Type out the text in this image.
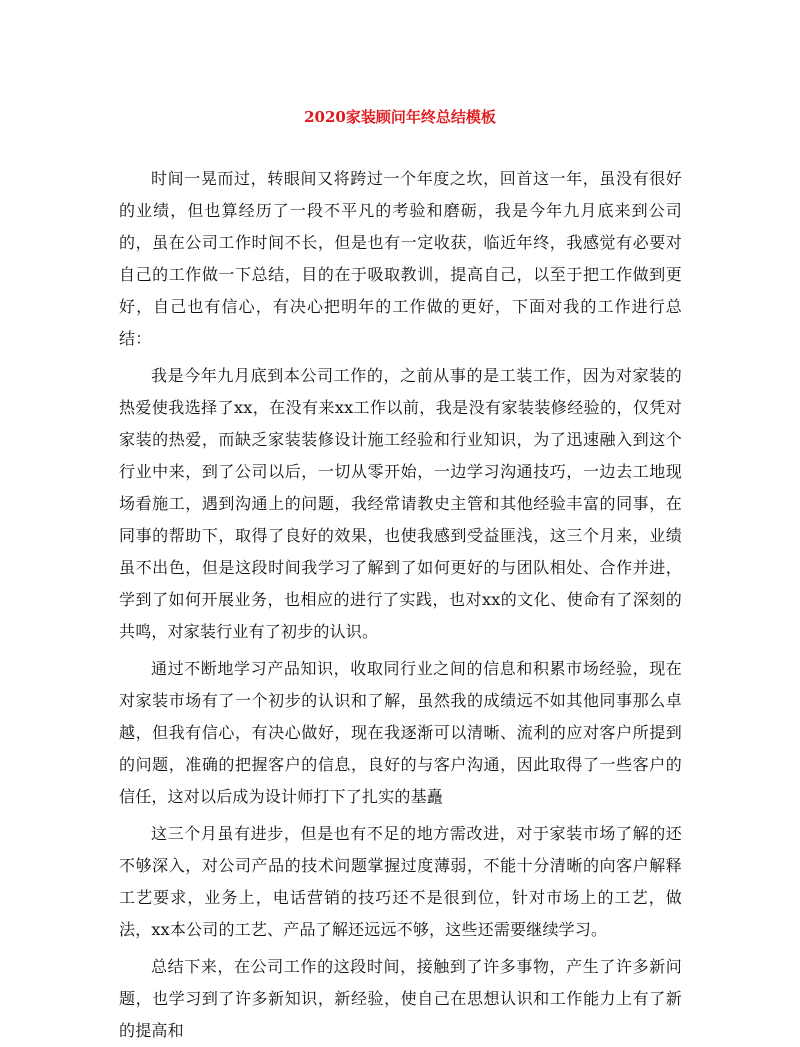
2020家装顾问年终总结模板

时间一晃而过，转眼间又将跨过一个年度之坎，回首这一年，虽没有很好的业绩，但也算经历了一段不平凡的考验和磨砺，我是今年九月底来到公司的，虽在公司工作时间不长，但是也有一定收获，临近年终，我感觉有必要对自己的工作做一下总结，目的在于吸取教训，提高自己，以至于把工作做到更好，自己也有信心，有决心把明年的工作做的更好，下面对我的工作进行总结：

我是今年九月底到本公司工作的，之前从事的是工装工作，因为对家装的热爱使我选择了xx，在没有来xx工作以前，我是没有家装装修经验的，仅凭对家装的热爱，而缺乏家装装修设计施工经验和行业知识，为了迅速融入到这个行业中来，到了公司以后，一切从零开始，一边学习沟通技巧，一边去工地现场看施工，遇到沟通上的问题，我经常请教史主管和其他经验丰富的同事，在同事的帮助下，取得了良好的效果，也使我感到受益匪浅，这三个月来，业绩虽不出色，但是这段时间我学习了解到了如何更好的与团队相处、合作并进，学到了如何开展业务，也相应的进行了实践，也对xx的文化、使命有了深刻的共鸣，对家装行业有了初步的认识。

通过不断地学习产品知识，收取同行业之间的信息和积累市场经验，现在对家装市场有了一个初步的认识和了解，虽然我的成绩远不如其他同事那么卓越，但我有信心，有决心做好，现在我逐渐可以清晰、流利的应对客户所提到的问题，准确的把握客户的信息，良好的与客户沟通，因此取得了一些客户的信任，这对以后成为设计师打下了扎实的基矗

这三个月虽有进步，但是也有不足的地方需改进，对于家装市场了解的还不够深入，对公司产品的技术问题掌握过度薄弱，不能十分清晰的向客户解释工艺要求，业务上，电话营销的技巧还不是很到位，针对市场上的工艺，做法，xx本公司的工艺、产品了解还远远不够，这些还需要继续学习。

总结下来，在公司工作的这段时间，接触到了许多事物，产生了许多新问题，也学习到了许多新知识，新经验，使自己在思想认识和工作能力上有了新的提高和
